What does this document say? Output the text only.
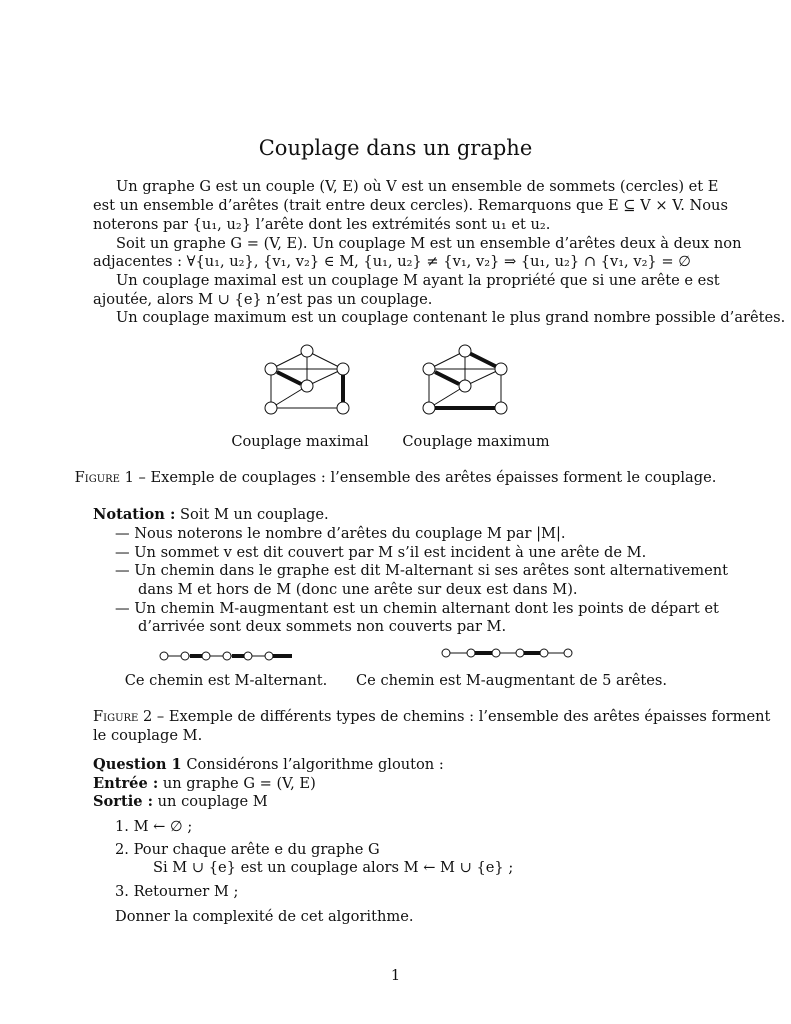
Couplage dans un graphe
Un graphe G est un couple (V, E) où V est un ensemble de sommets (cercles) et E
est un ensemble d’arêtes (trait entre deux cercles). Remarquons que E ⊆ V × V. Nous
noterons par {u₁, u₂} l’arête dont les extrémités sont u₁ et u₂.
Soit un graphe G = (V, E). Un couplage M est un ensemble d’arêtes deux à deux non
adjacentes : ∀{u₁, u₂}, {v₁, v₂} ∈ M, {u₁, u₂} ≠ {v₁, v₂} ⇒ {u₁, u₂} ∩ {v₁, v₂} = ∅
Un couplage maximal est un couplage M ayant la propriété que si une arête e est
ajoutée, alors M ∪ {e} n’est pas un couplage.
Un couplage maximum est un couplage contenant le plus grand nombre possible d’arêtes.
Couplage maximal	Couplage maximum
Figure 1 – Exemple de couplages : l’ensemble des arêtes épaisses forment le couplage.
Notation : Soit M un couplage.
— Nous noterons le nombre d’arêtes du couplage M par |M|.
— Un sommet v est dit couvert par M s’il est incident à une arête de M.
— Un chemin dans le graphe est dit M-alternant si ses arêtes sont alternativement
dans M et hors de M (donc une arête sur deux est dans M).
— Un chemin M-augmentant est un chemin alternant dont les points de départ et
d’arrivée sont deux sommets non couverts par M.
Ce chemin est M-alternant.	Ce chemin est M-augmentant de 5 arêtes.
Figure 2 – Exemple de différents types de chemins : l’ensemble des arêtes épaisses forment
le couplage M.
Question 1 Considérons l’algorithme glouton :
Entrée : un graphe G = (V, E)
Sortie : un couplage M
1. M ← ∅ ;
2. Pour chaque arête e du graphe G
Si M ∪ {e} est un couplage alors M ← M ∪ {e} ;
3. Retourner M ;
Donner la complexité de cet algorithme.
1
